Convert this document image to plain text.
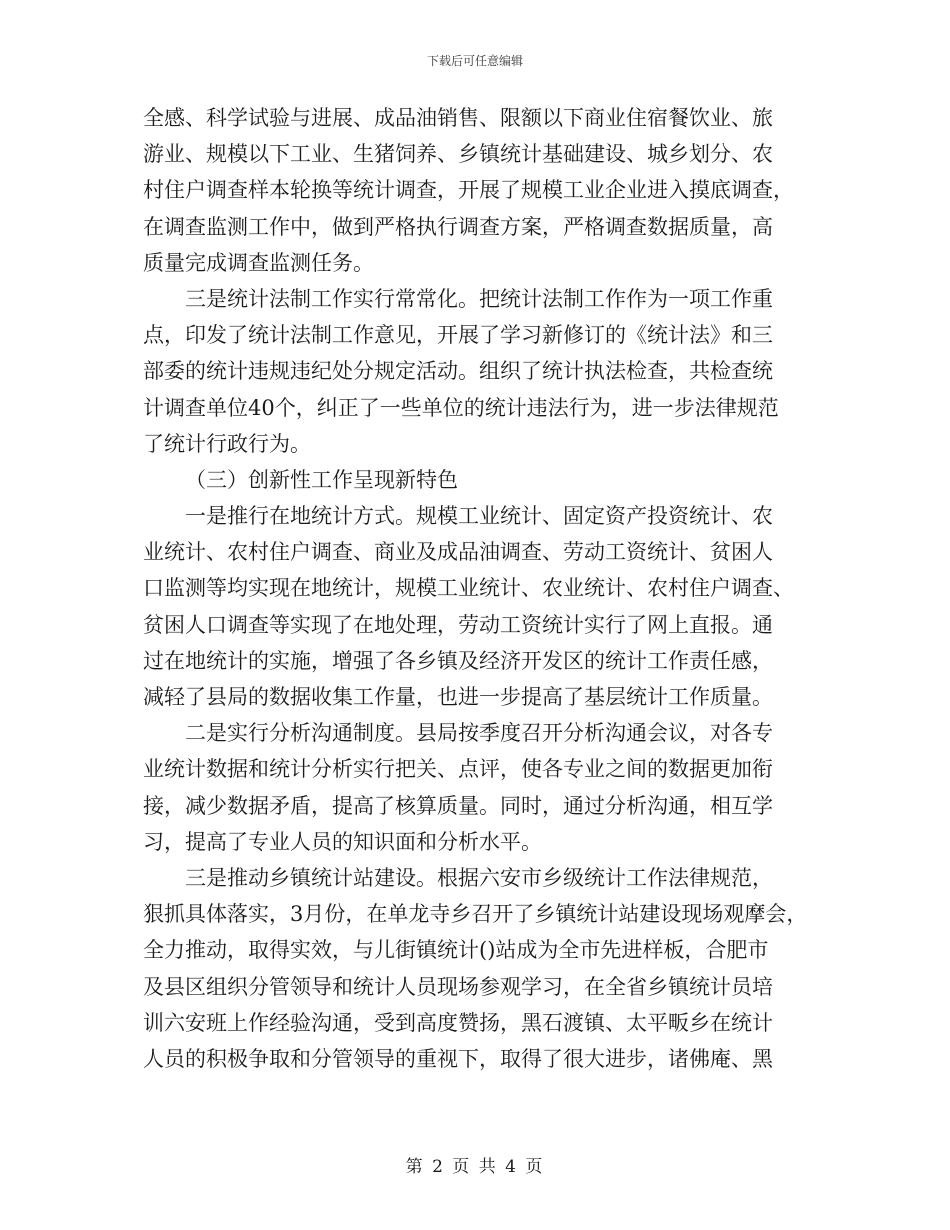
下载后可任意编辑
全感、科学试验与进展、成品油销售、限额以下商业住宿餐饮业、旅
游业、规模以下工业、生猪饲养、乡镇统计基础建设、城乡划分、农
村住户调查样本轮换等统计调查，开展了规模工业企业进入摸底调查，
在调查监测工作中，做到严格执行调查方案，严格调查数据质量，高
质量完成调查监测任务。
三是统计法制工作实行常常化。把统计法制工作作为一项工作重
点，印发了统计法制工作意见，开展了学习新修订的《统计法》和三
部委的统计违规违纪处分规定活动。组织了统计执法检查，共检查统
计调查单位40个，纠正了一些单位的统计违法行为，进一步法律规范
了统计行政行为。
（三）创新性工作呈现新特色
一是推行在地统计方式。规模工业统计、固定资产投资统计、农
业统计、农村住户调查、商业及成品油调查、劳动工资统计、贫困人
口监测等均实现在地统计，规模工业统计、农业统计、农村住户调查、
贫困人口调查等实现了在地处理，劳动工资统计实行了网上直报。通
过在地统计的实施，增强了各乡镇及经济开发区的统计工作责任感，
减轻了县局的数据收集工作量，也进一步提高了基层统计工作质量。
二是实行分析沟通制度。县局按季度召开分析沟通会议，对各专
业统计数据和统计分析实行把关、点评，使各专业之间的数据更加衔
接，减少数据矛盾，提高了核算质量。同时，通过分析沟通，相互学
习，提高了专业人员的知识面和分析水平。
三是推动乡镇统计站建设。根据六安市乡级统计工作法律规范，
狠抓具体落实，3月份，在单龙寺乡召开了乡镇统计站建设现场观摩会，
全力推动，取得实效，与儿街镇统计()站成为全市先进样板，合肥市
及县区组织分管领导和统计人员现场参观学习，在全省乡镇统计员培
训六安班上作经验沟通，受到高度赞扬，黑石渡镇、太平畈乡在统计
人员的积极争取和分管领导的重视下，取得了很大进步，诸佛庵、黑
第 2 页 共 4 页
